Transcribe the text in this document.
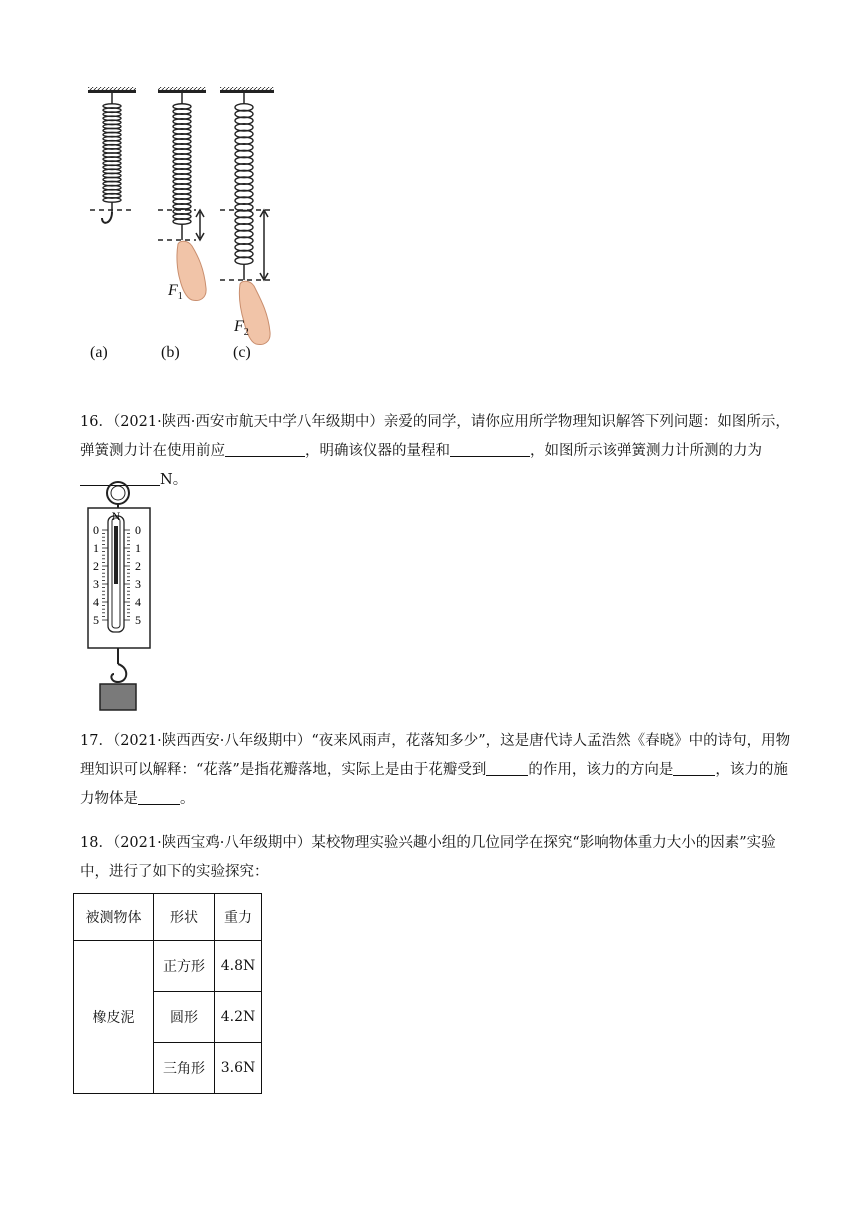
$F_1$
$F_2$
(a)	(b)	(c)
16．（2021·陕西·西安市航天中学八年级期中）亲爱的同学，请你应用所学物理知识解答下列问题：如图所示，弹簧测力计在使用前应	，明确该仪器的量程和	，如图所示该弹簧测力计所测的力为N。
N
0	0
1	1
2	2
3	3
4	4
5	5
17．（2021·陕西西安·八年级期中）“夜来风雨声，花落知多少”，这是唐代诗人孟浩然《春晓》中的诗句，用物理知识可以解释：“花落”是指花瓣落地，实际上是由于花瓣受到	的作用，该力的方向是	，该力的施力物体是	。
18．（2021·陕西宝鸡·八年级期中）某校物理实验兴趣小组的几位同学在探究“影响物体重力大小的因素”实验中，进行了如下的实验探究：
被测物体	形状	重力
橡皮泥	正方形	4.8N
	圆形	4.2N
	三角形	3.6N
